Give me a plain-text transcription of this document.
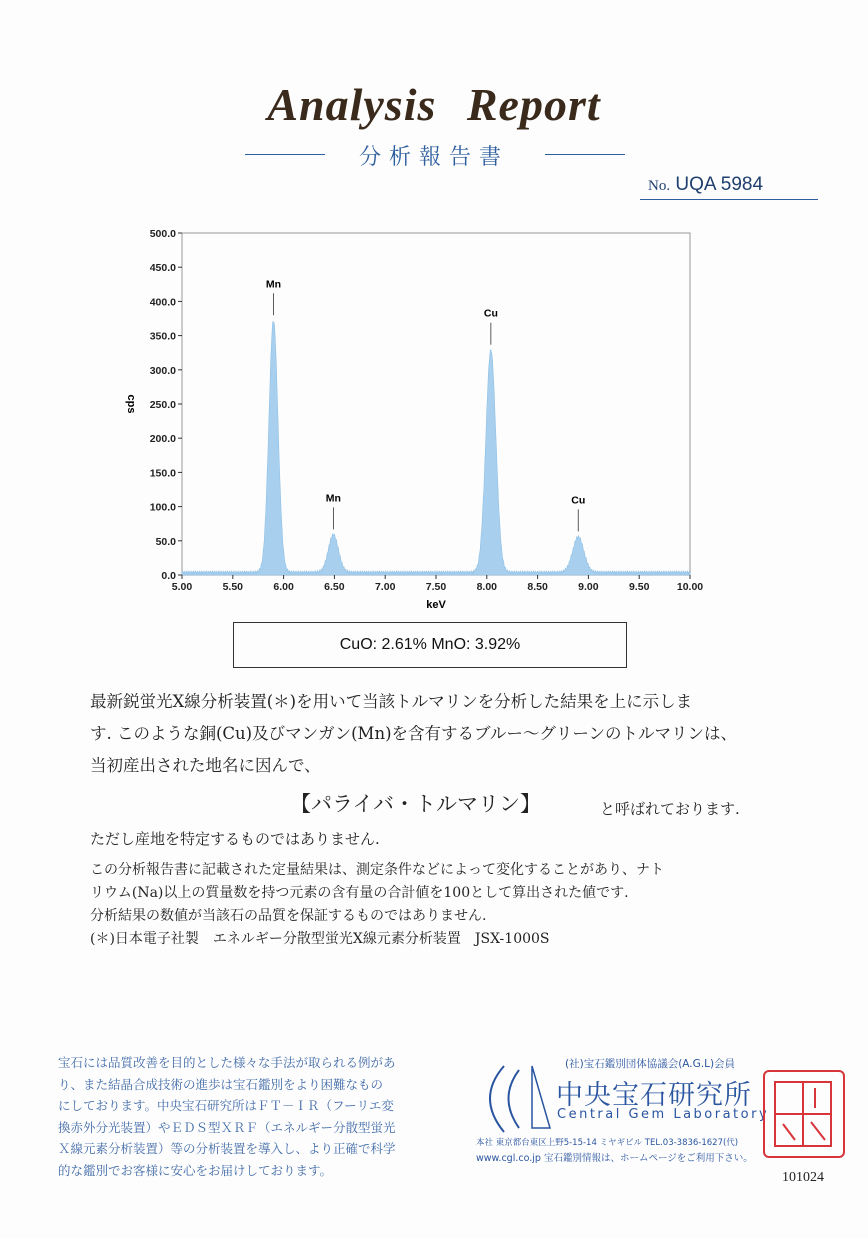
Analysis Report
分析報告書
No. UQA 5984
0.0
50.0
100.0
150.0
200.0
250.0
300.0
350.0
400.0
450.0
500.0
5.00	5.50	6.00	6.50	7.00	7.50	8.00	8.50	9.00	9.50	10.00
keV
cps
Mn
Mn
Cu
Cu
CuO: 2.61% MnO: 3.92%
最新鋭蛍光X線分析装置(＊)を用いて当該トルマリンを分析した結果を上に示しま
す. このような銅(Cu)及びマンガン(Mn)を含有するブルー～グリーンのトルマリンは、
当初産出された地名に因んで、
【パライバ・トルマリン】	と呼ばれております.
ただし産地を特定するものではありません.
この分析報告書に記載された定量結果は、測定条件などによって変化することがあり、ナト
リウム(Na)以上の質量数を持つ元素の含有量の合計値を100として算出された値です.
分析結果の数値が当該石の品質を保証するものではありません.
(＊)日本電子社製　エネルギー分散型蛍光X線元素分析装置　JSX-1000S
宝石には品質改善を目的とした様々な手法が取られる例があ
り、また結晶合成技術の進歩は宝石鑑別をより困難なもの
にしております。中央宝石研究所はＦＴ－ＩＲ（フーリエ変
換赤外分光装置）やＥＤＳ型ＸＲＦ（エネルギー分散型蛍光
Ｘ線元素分析装置）等の分析装置を導入し、より正確で科学
的な鑑別でお客様に安心をお届けしております。
(社)宝石鑑別団体協議会(A.G.L)会員
中央宝石研究所
Central Gem Laboratory
本社 東京都台東区上野5-15-14 ミヤギビル TEL.03-3836-1627(代)
www.cgl.co.jp 宝石鑑別情報は、ホームページをご利用下さい。
101024
